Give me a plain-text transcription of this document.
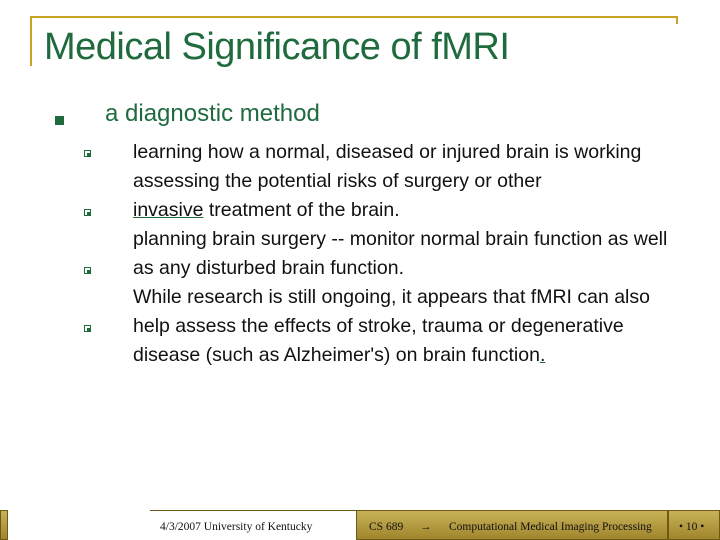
Medical Significance of fMRI
a diagnostic method

learning how a normal, diseased or injured brain is working

assessing the potential risks of surgery or other
invasive treatment of the brain.

planning brain surgery -- monitor normal brain function as well as any disturbed brain function.

While research is still ongoing, it appears that fMRI can also help assess the effects of stroke, trauma or degenerative disease (such as Alzheimer's) on brain function.

4/3/2007 University of Kentucky	CS 689 → Computational Medical Imaging Processing • 10 •
